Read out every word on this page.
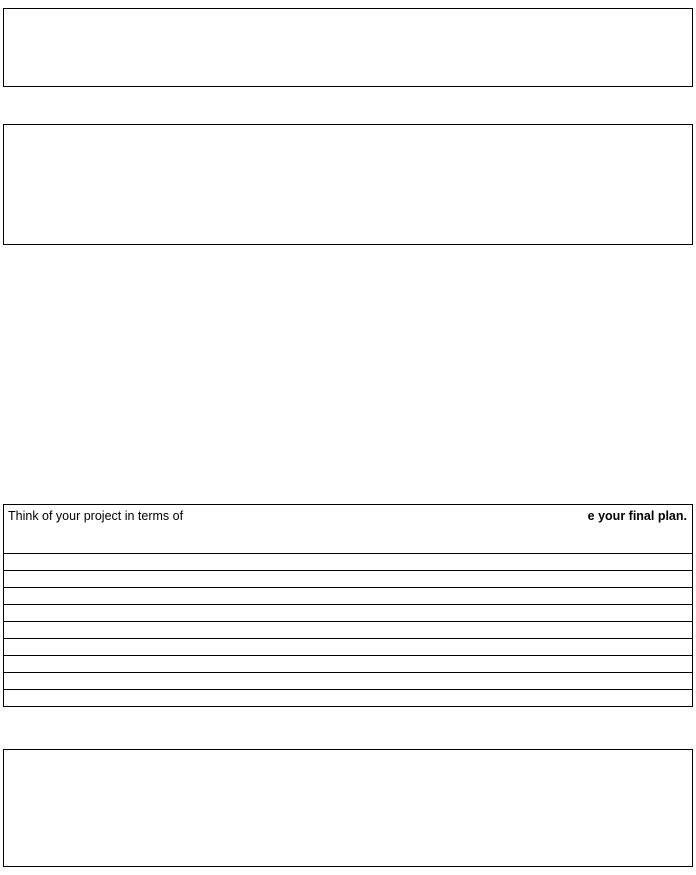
Think of your project in terms of	e your final plan.
